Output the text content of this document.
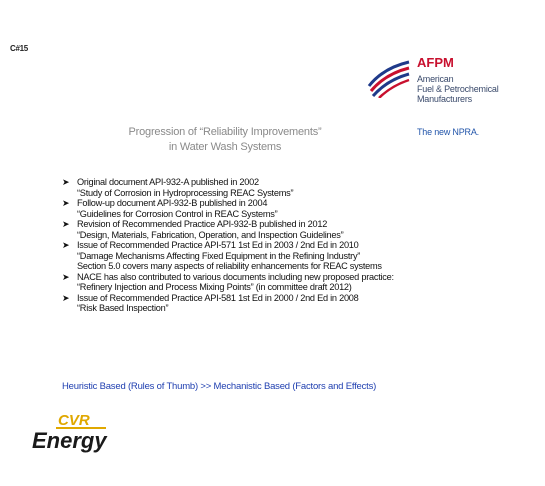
C#15
AFPM
American
Fuel & Petrochemical
Manufacturers
The new NPRA.
Progression of “Reliability Improvements”
in Water Wash Systems
➤ Original document API-932-A published in 2002
“Study of Corrosion in Hydroprocessing REAC Systems”
➤ Follow-up document API-932-B published in 2004
“Guidelines for Corrosion Control in REAC Systems”
➤ Revision of Recommended Practice API-932-B published in 2012
“Design, Materials, Fabrication, Operation, and Inspection Guidelines”
➤ Issue of Recommended Practice API-571 1st Ed in 2003 / 2nd Ed in 2010
“Damage Mechanisms Affecting Fixed Equipment in the Refining Industry”
Section 5.0 covers many aspects of reliability enhancements for REAC systems
➤ NACE has also contributed to various documents including new proposed practice:
“Refinery Injection and Process Mixing Points” (in committee draft 2012)
➤ Issue of Recommended Practice API-581 1st Ed in 2000 / 2nd Ed in 2008
“Risk Based Inspection”
Heuristic Based (Rules of Thumb) >> Mechanistic Based (Factors and Effects)
CVR
Energy
